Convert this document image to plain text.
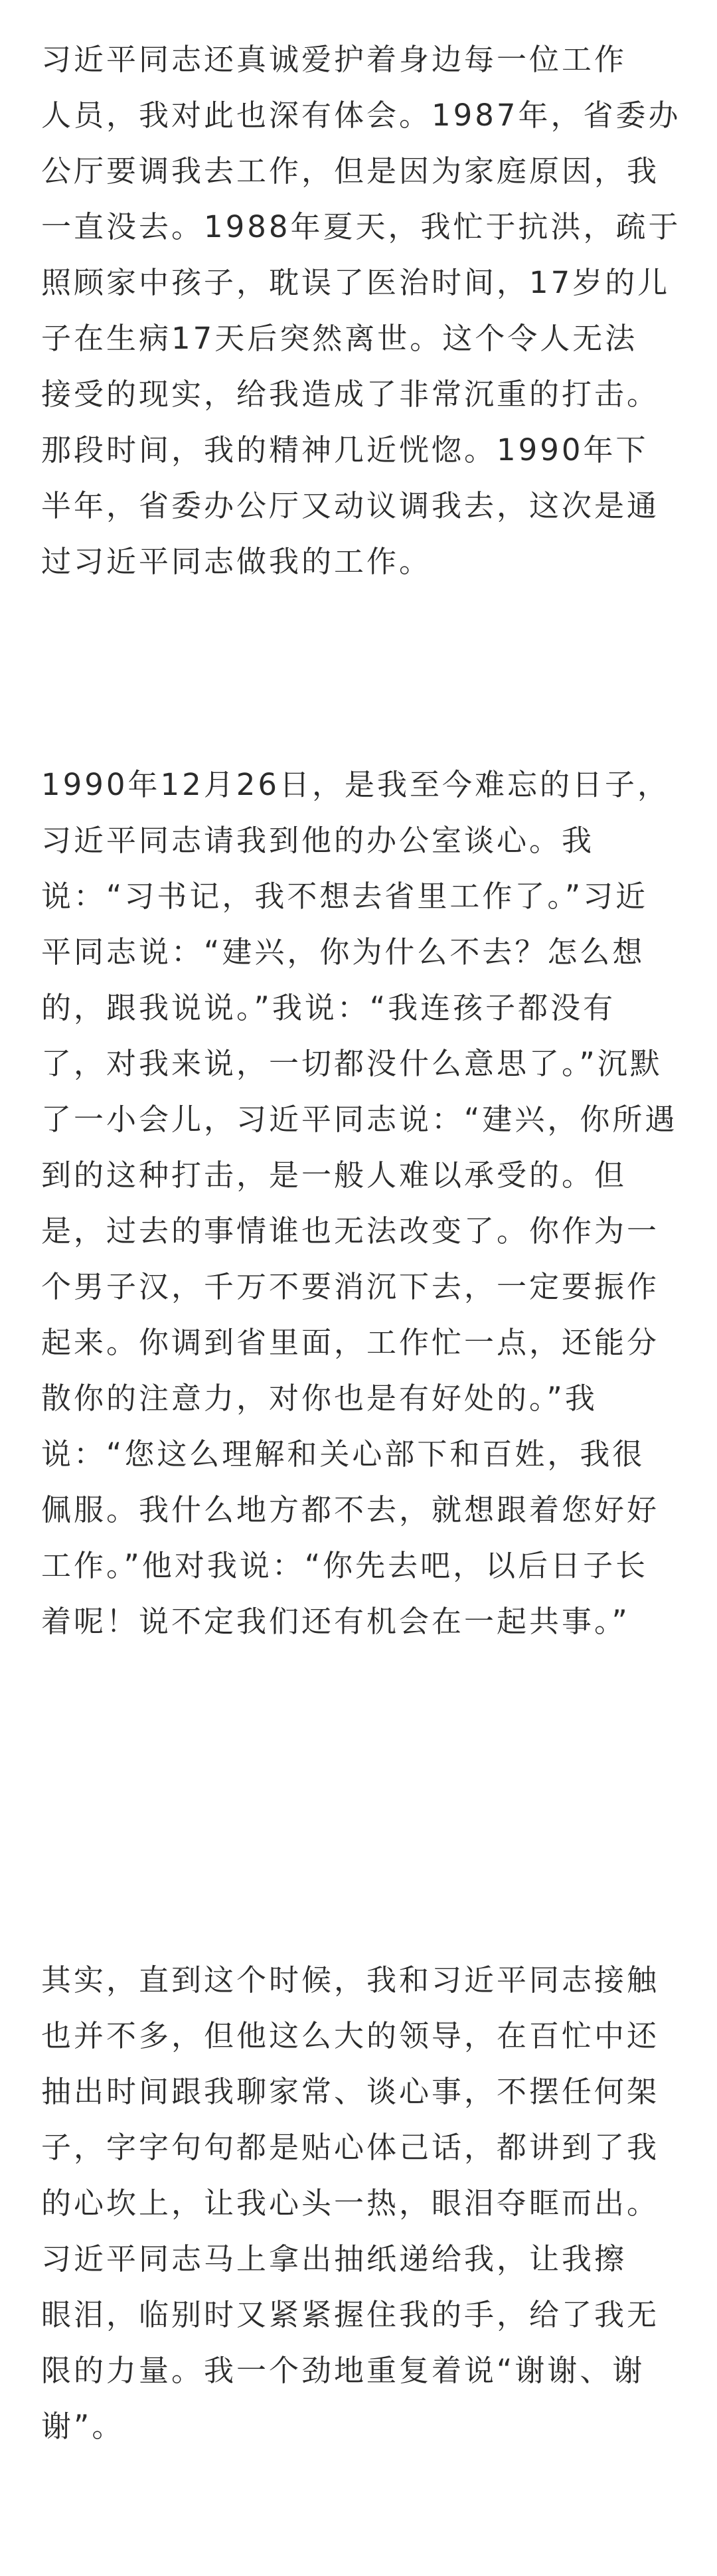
习近平同志还真诚爱护着身边每一位工作
人员，我对此也深有体会。1987年，省委办
公厅要调我去工作，但是因为家庭原因，我
一直没去。1988年夏天，我忙于抗洪，疏于
照顾家中孩子，耽误了医治时间，17岁的儿
子在生病17天后突然离世。这个令人无法
接受的现实，给我造成了非常沉重的打击。
那段时间，我的精神几近恍惚。1990年下
半年，省委办公厅又动议调我去，这次是通
过习近平同志做我的工作。

1990年12月26日，是我至今难忘的日子，
习近平同志请我到他的办公室谈心。我
说：“习书记，我不想去省里工作了。”习近
平同志说：“建兴，你为什么不去？怎么想
的，跟我说说。”我说：“我连孩子都没有
了，对我来说，一切都没什么意思了。”沉默
了一小会儿，习近平同志说：“建兴，你所遇
到的这种打击，是一般人难以承受的。但
是，过去的事情谁也无法改变了。你作为一
个男子汉，千万不要消沉下去，一定要振作
起来。你调到省里面，工作忙一点，还能分
散你的注意力，对你也是有好处的。”我
说：“您这么理解和关心部下和百姓，我很
佩服。我什么地方都不去，就想跟着您好好
工作。”他对我说：“你先去吧，以后日子长
着呢！说不定我们还有机会在一起共事。”

其实，直到这个时候，我和习近平同志接触
也并不多，但他这么大的领导，在百忙中还
抽出时间跟我聊家常、谈心事，不摆任何架
子，字字句句都是贴心体己话，都讲到了我
的心坎上，让我心头一热，眼泪夺眶而出。
习近平同志马上拿出抽纸递给我，让我擦
眼泪，临别时又紧紧握住我的手，给了我无
限的力量。我一个劲地重复着说“谢谢、谢
谢”。
